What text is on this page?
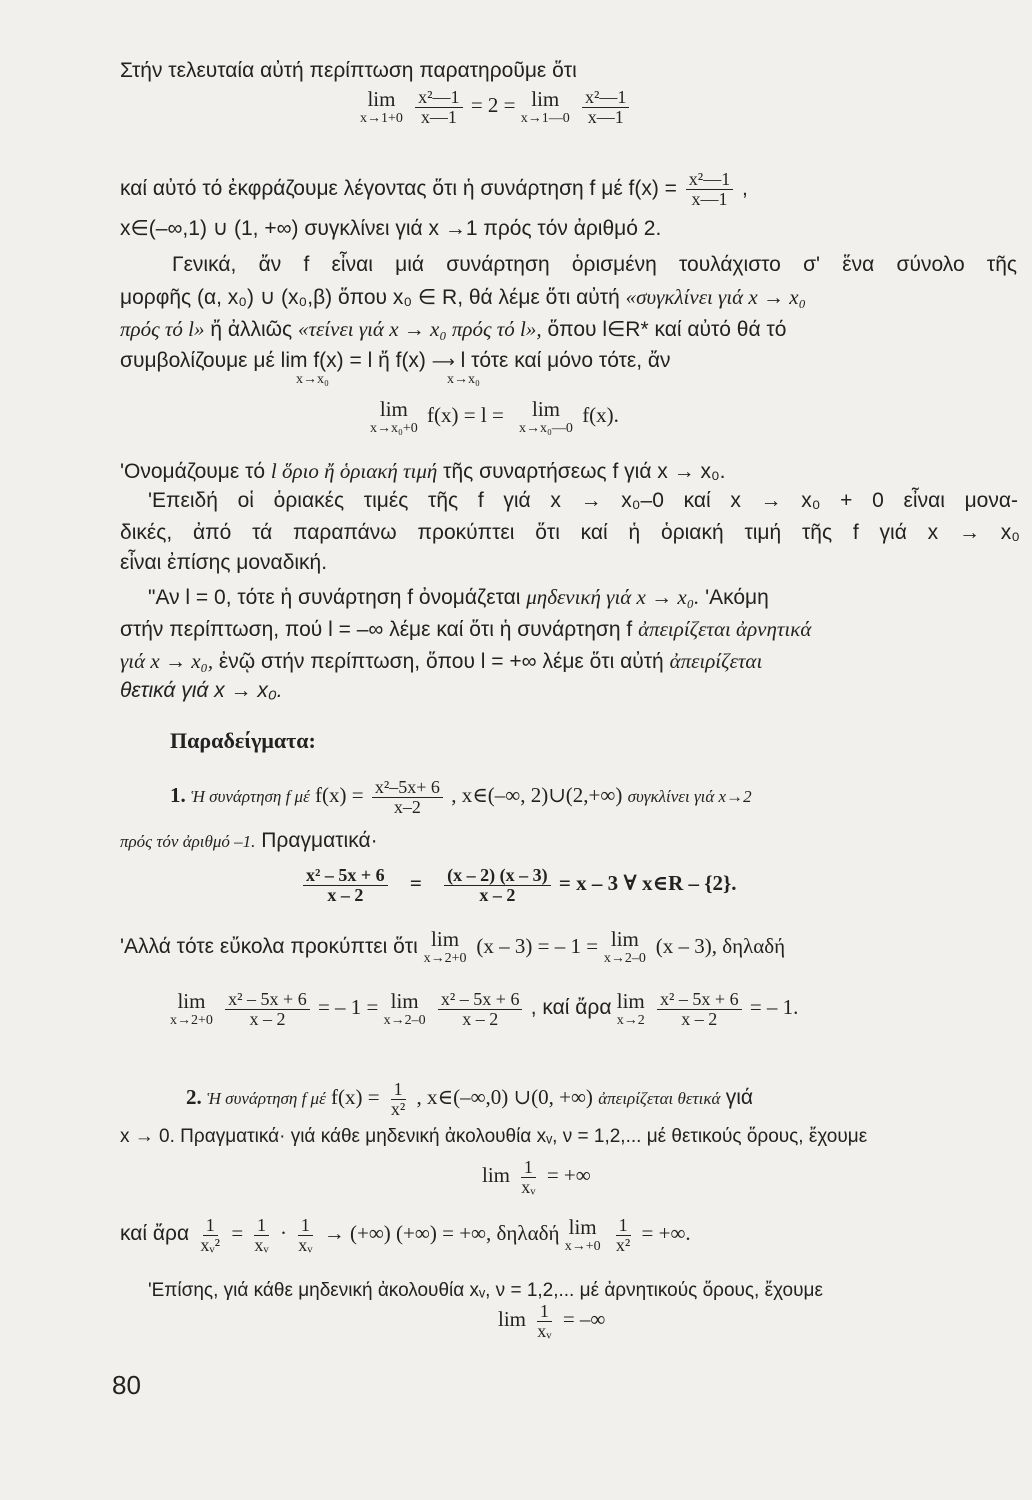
Στήν τελευταία αὐτή περίπτωση παρατηροῦμε ὅτι
lim
x→1+0
$\frac{\text{x²—1}}{x—1} = 2 = \lim$
x→1—0
$\frac{\text{x²—1}}{x—1}$
καί αὐτό τό ἐκφράζουμε λέγοντας ὅτι ἡ συνάρτηση f μέ $f(x) = \frac{\text{x²—1}}{x—1}$ ,
x∈(–∞,1) ∪ (1, +∞) συγκλίνει γιά x →1 πρός τόν ἀριθμό 2.
Γενικά, ἄν f εἶναι μιά συνάρτηση ὁρισμένη τουλάχιστο σ' ἕνα σύνολο τῆς
μορφῆς (α, x₀) ∪ (x₀,β) ὅπου x₀ ∈ R, θά λέμε ὅτι αὐτή «συγκλίνει γιά x → x₀
πρός τό l» ἤ ἀλλιῶς «τείνει γιά x → x₀ πρός τό l», ὅπου l∈R* καί αὐτό θά τό
συμβολίζουμε μέ lim f(x) = l ἤ f(x) ⟶ l τότε καί μόνο τότε, ἄν
x→x₀	x→x₀
lim
x→x₀+0
f(x) = l = lim
x→x₀—0
f(x).
'Ονομάζουμε τό l ὅριο ἤ ὁριακή τιμή τῆς συναρτήσεως f γιά x → x₀.
'Επειδή οἱ ὁριακές τιμές τῆς f γιά x → x₀–0 καί x → x₀ + 0 εἶναι μονα-
δικές, ἀπό τά παραπάνω προκύπτει ὅτι καί ἡ ὁριακή τιμή τῆς f γιά x → x₀
εἶναι ἐπίσης μοναδική.
"Αν l = 0, τότε ἡ συνάρτηση f ὀνομάζεται μηδενική γιά x → x₀. 'Ακόμη
στήν περίπτωση, πού l = –∞ λέμε καί ὅτι ἡ συνάρτηση f ἀπειρίζεται ἀρνητικά
γιά x → x₀, ἐνῷ στήν περίπτωση, ὅπου l = +∞ λέμε ὅτι αὐτή ἀπειρίζεται
θετικά γιά x → x₀.
Παραδείγματα:
1. Ἡ συνάρτηση f μέ $f(x) = \frac{\text{x²–5x+ 6}}{x-2}$ , x∈(–∞, 2)∪(2,+∞) συγκλίνει γιά x→2
πρός τόν ἀριθμό –1. Πραγματικά·
$\frac{\text{x² – 5x + 6}}{x - 2} = \frac{(x - 2) (x - 3)}{x - 2} = x - 3$ ∀ x∈R – {2}.
'Αλλά τότε εὔκολα προκύπτει ὅτι lim
x→2+0
(x – 3) = – 1 = lim
x→2–0
(x – 3), δηλαδή
lim
x→2+0
$\frac{\text{x² – 5x + 6}}{x - 2}$ = – 1 = lim
x→2–0
$\frac{\text{x² – 5x + 6}}{x - 2}$ , καί ἄρα lim
x→2
$\frac{\text{x² – 5x + 6}}{x - 2}$ = – 1.
2. Ἡ συνάρτηση f μέ $f(x) = \frac{1}{\text{x²}}$ , x∈(–∞,0) ∪(0, +∞) ἀπειρίζεται θετικά γιά
x → 0. Πραγματικά· γιά κάθε μηδενική ἀκολουθία xᵥ, ν = 1,2,... μέ θετικούς ὅρους, ἔχουμε
$\lim \frac{1}{\text{xᵥ}}$ = +∞
καί ἄρα $\frac{1}{\text{xᵥ²}} = \frac{1}{\text{xᵥ}} \cdot \frac{1}{\text{xᵥ}}$ → (+∞) (+∞) = +∞, δηλαδή lim
x→+0
$\frac{1}{\text{x²}}$ = +∞.
'Επίσης, γιά κάθε μηδενική ἀκολουθία xᵥ, ν = 1,2,... μέ ἀρνητικούς ὅρους, ἔχουμε
$\lim \frac{1}{\text{xᵥ}}$ = –∞
80
